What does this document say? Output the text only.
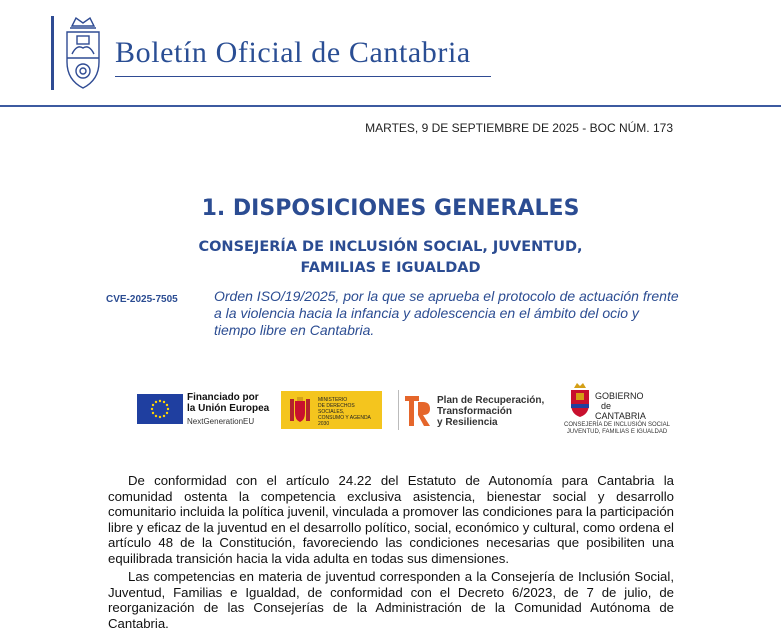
Boletín Oficial de Cantabria
MARTES, 9 DE SEPTIEMBRE DE 2025 - BOC NÚM. 173
1. DISPOSICIONES GENERALES
CONSEJERÍA DE INCLUSIÓN SOCIAL, JUVENTUD,
FAMILIAS E IGUALDAD
CVE-2025-7505	Orden ISO/19/2025, por la que se aprueba el protocolo de actuación frente a la violencia hacia la infancia y adolescencia en el ámbito del ocio y tiempo libre en Cantabria.
Financiado por
la Unión Europea
NextGenerationEU
MINISTERIO
DE DERECHOS SOCIALES,
CONSUMO Y AGENDA 2030
Plan de Recuperación,
Transformación
y Resiliencia
GOBIERNO
de
CANTABRIA
CONSEJERÍA DE INCLUSIÓN SOCIAL
JUVENTUD, FAMILIAS E IGUALDAD
De conformidad con el artículo 24.22 del Estatuto de Autonomía para Cantabria la comunidad ostenta la competencia exclusiva asistencia, bienestar social y desarrollo comunitario incluida la política juvenil, vinculada a promover las condiciones para la participación libre y eficaz de la juventud en el desarrollo político, social, económico y cultural, como ordena el artículo 48 de la Constitución, favoreciendo las condiciones necesarias que posibiliten una equilibrada transición hacia la vida adulta en todas sus dimensiones.
Las competencias en materia de juventud corresponden a la Consejería de Inclusión Social, Juventud, Familias e Igualdad, de conformidad con el Decreto 6/2023, de 7 de julio, de reorganización de las Consejerías de la Administración de la Comunidad Autónoma de Cantabria.
